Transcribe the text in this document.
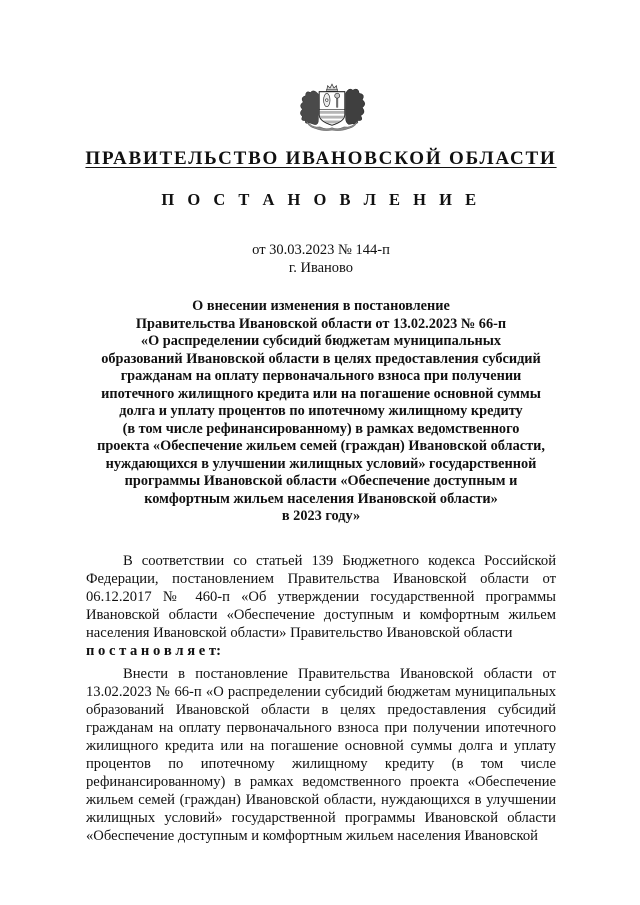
ПРАВИТЕЛЬСТВО ИВАНОВСКОЙ ОБЛАСТИ
П О С Т А Н О В Л Е Н И Е
от 30.03.2023 № 144-п
г. Иваново
О внесении изменения в постановление
Правительства Ивановской области от 13.02.2023 № 66-п
«О распределении субсидий бюджетам муниципальных
образований Ивановской области в целях предоставления субсидий
гражданам на оплату первоначального взноса при получении
ипотечного жилищного кредита или на погашение основной суммы
долга и уплату процентов по ипотечному жилищному кредиту
(в том числе рефинансированному) в рамках ведомственного
проекта «Обеспечение жильем семей (граждан) Ивановской области,
нуждающихся в улучшении жилищных условий» государственной
программы Ивановской области «Обеспечение доступным и
комфортным жильем населения Ивановской области»
в 2023 году»

В соответствии со статьей 139 Бюджетного кодекса Российской Федерации, постановлением Правительства Ивановской области от 06.12.2017 № 460-п «Об утверждении государственной программы Ивановской области «Обеспечение доступным и комфортным жильем населения Ивановской области» Правительство Ивановской области
п о с т а н о в л я е т:

Внести в постановление Правительства Ивановской области от 13.02.2023 № 66-п «О распределении субсидий бюджетам муниципальных образований Ивановской области в целях предоставления субсидий гражданам на оплату первоначального взноса при получении ипотечного жилищного кредита или на погашение основной суммы долга и уплату процентов по ипотечному жилищному кредиту (в том числе рефинансированному) в рамках ведомственного проекта «Обеспечение жильем семей (граждан) Ивановской области, нуждающихся в улучшении жилищных условий» государственной программы Ивановской области «Обеспечение доступным и комфортным жильем населения Ивановской
